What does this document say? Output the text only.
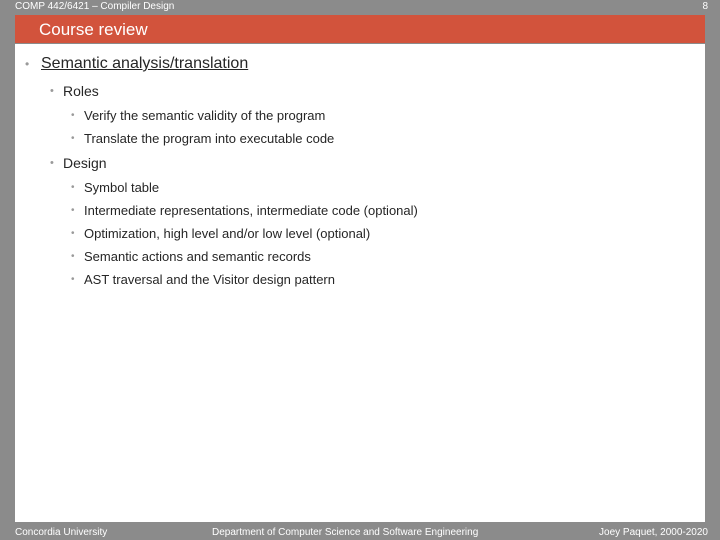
COMP 442/6421 – Compiler Design	8
Course review
• Semantic analysis/translation
• Roles
• Verify the semantic validity of the program
• Translate the program into executable code
• Design
• Symbol table
• Intermediate representations, intermediate code (optional)
• Optimization, high level and/or low level (optional)
• Semantic actions and semantic records
• AST traversal and the Visitor design pattern
Concordia University	Department of Computer Science and Software Engineering	Joey Paquet, 2000-2020
